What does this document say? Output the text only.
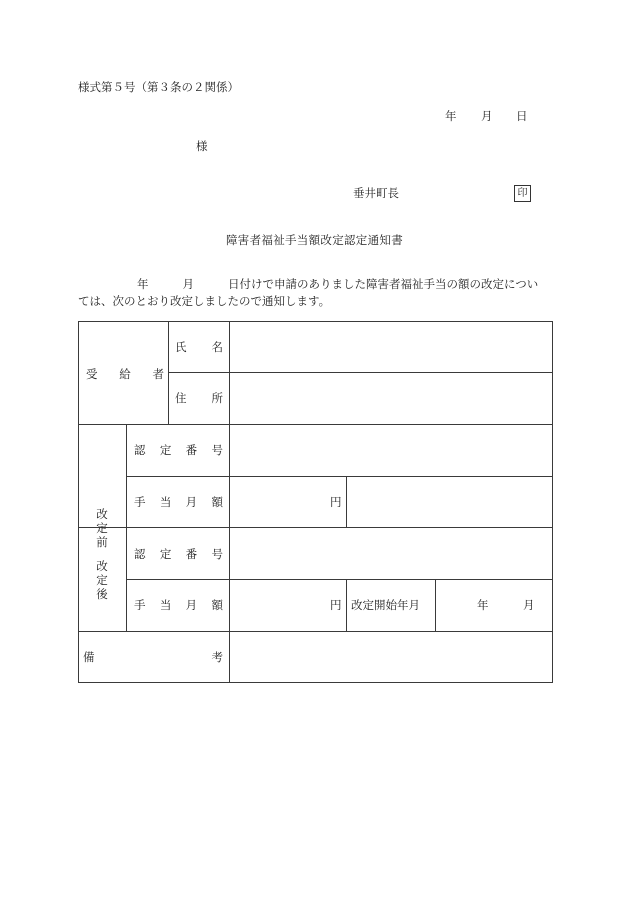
様式第５号（第３条の２関係）
年 月 日
様
垂井町長	印
障害者福祉手当額改定認定通知書
年	月	日付けで申請のありました障害者福祉手当の額の改定につい
ては、次のとおり改定しましたので通知します。
受 給 者
氏 名
住 所
改
定
前
認 定 番 号
手 当 月 額	円
改
定
後
認 定 番 号
手 当 月 額	円 改定開始年月	年	月
備	考
